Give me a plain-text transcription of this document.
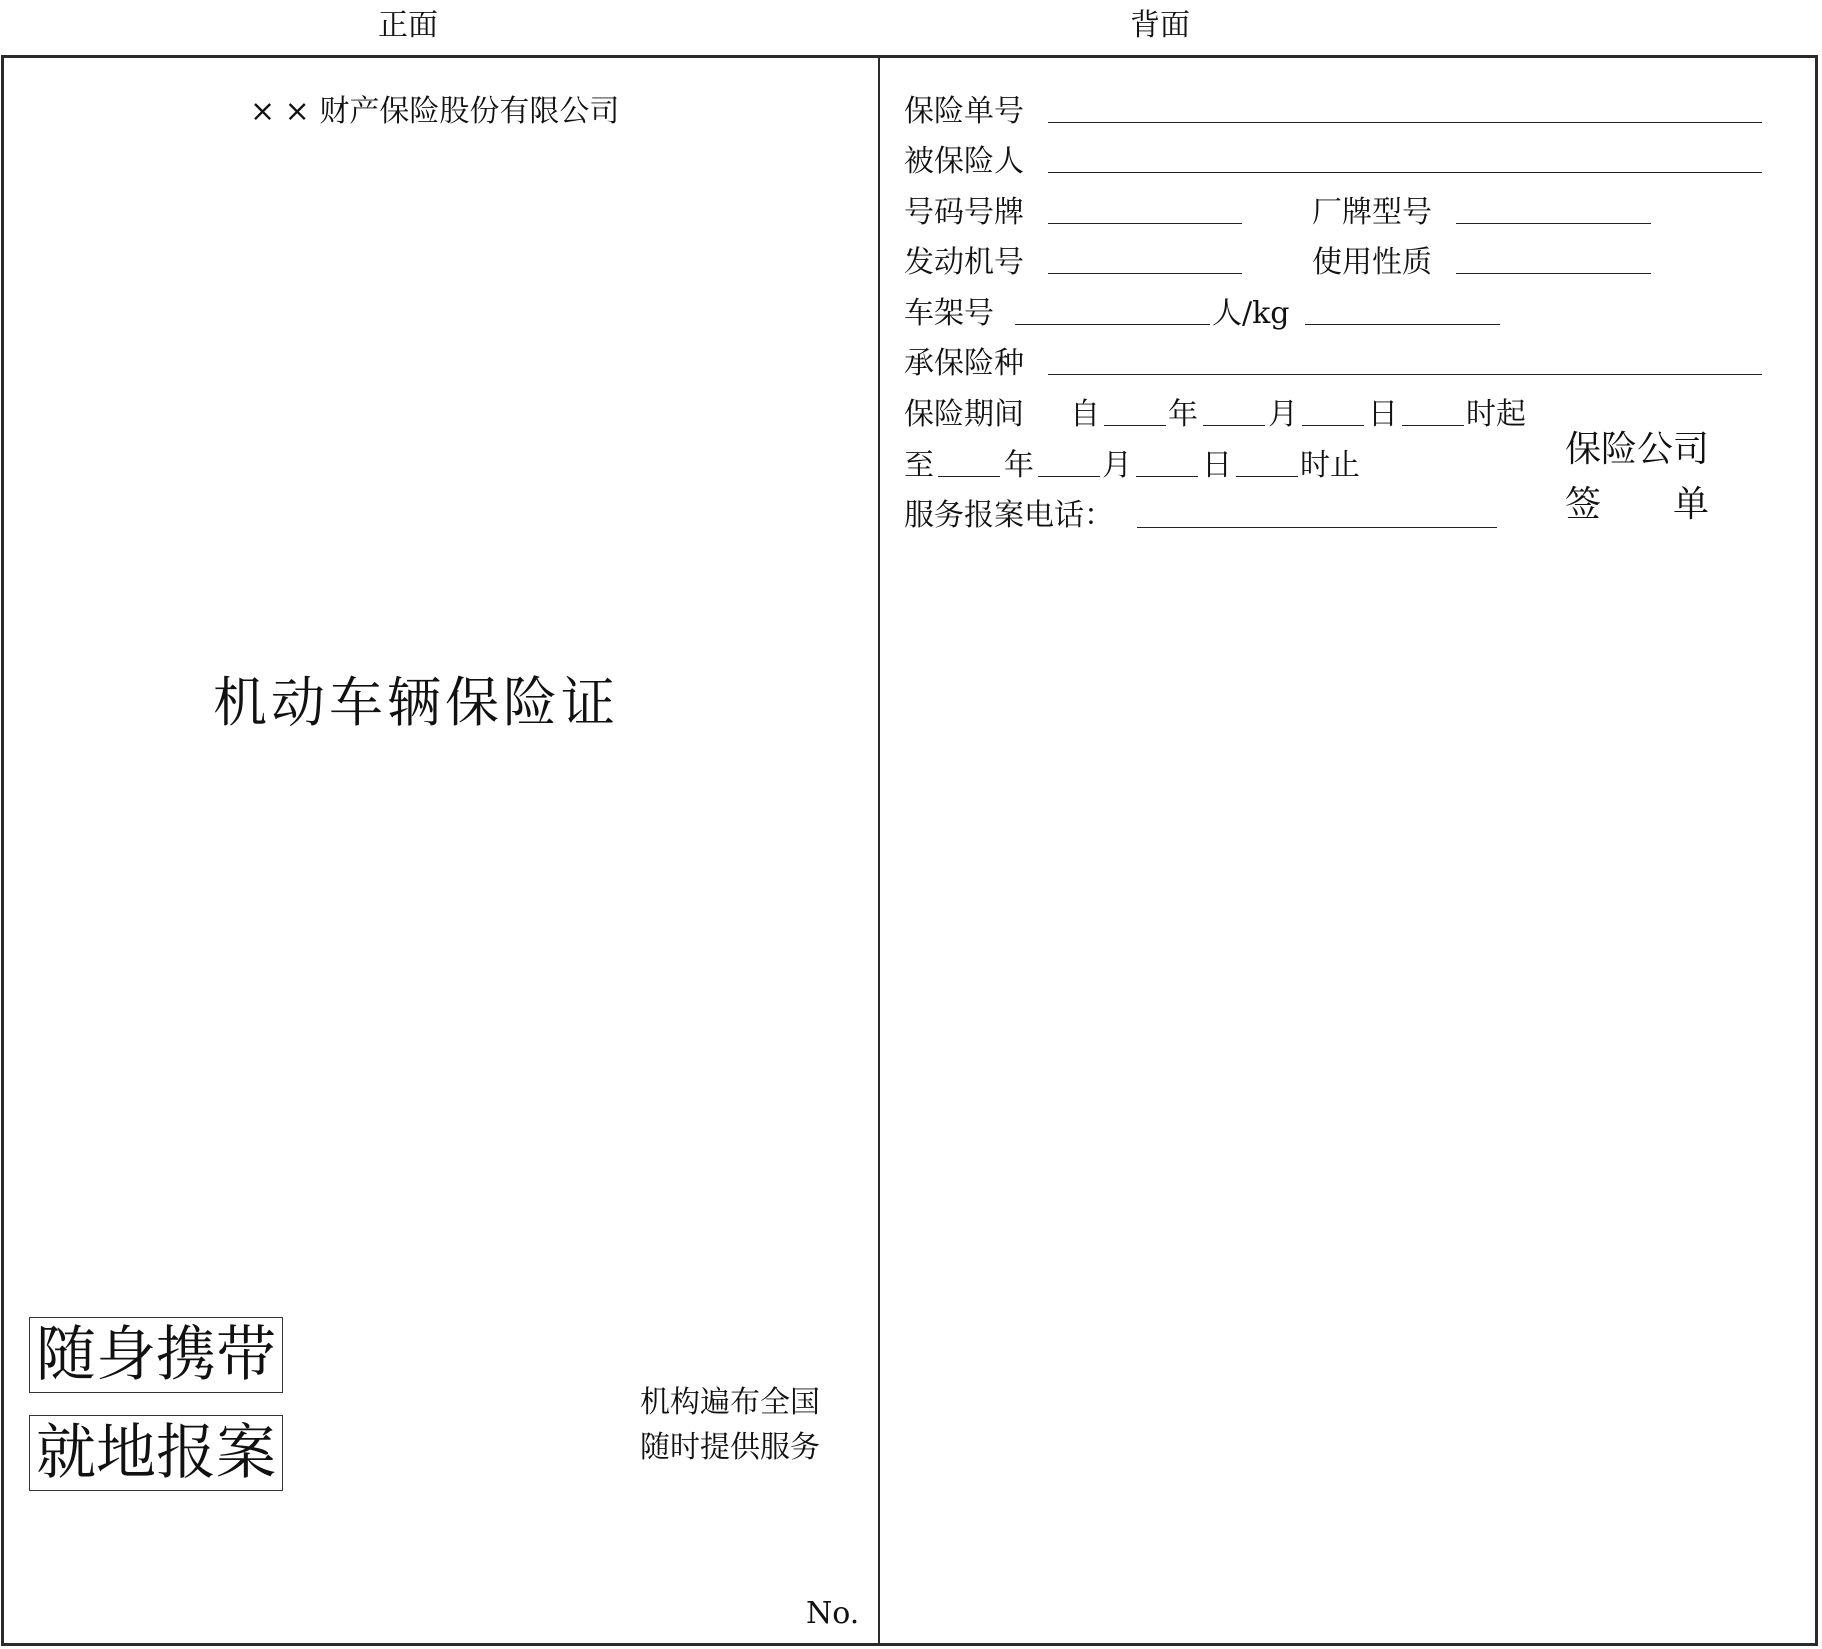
正面	背面
× × 财产保险股份有限公司
机动车辆保险证
随身携带
就地报案
机构遍布全国
随时提供服务
No.
保险单号
被保险人
号码号牌	厂牌型号
发动机号	使用性质
车架号	人/kg
承保险种
保险期间 自 年 月 日 时起
至 年 月 日 时止
服务报案电话：
保险公司
签　　单
